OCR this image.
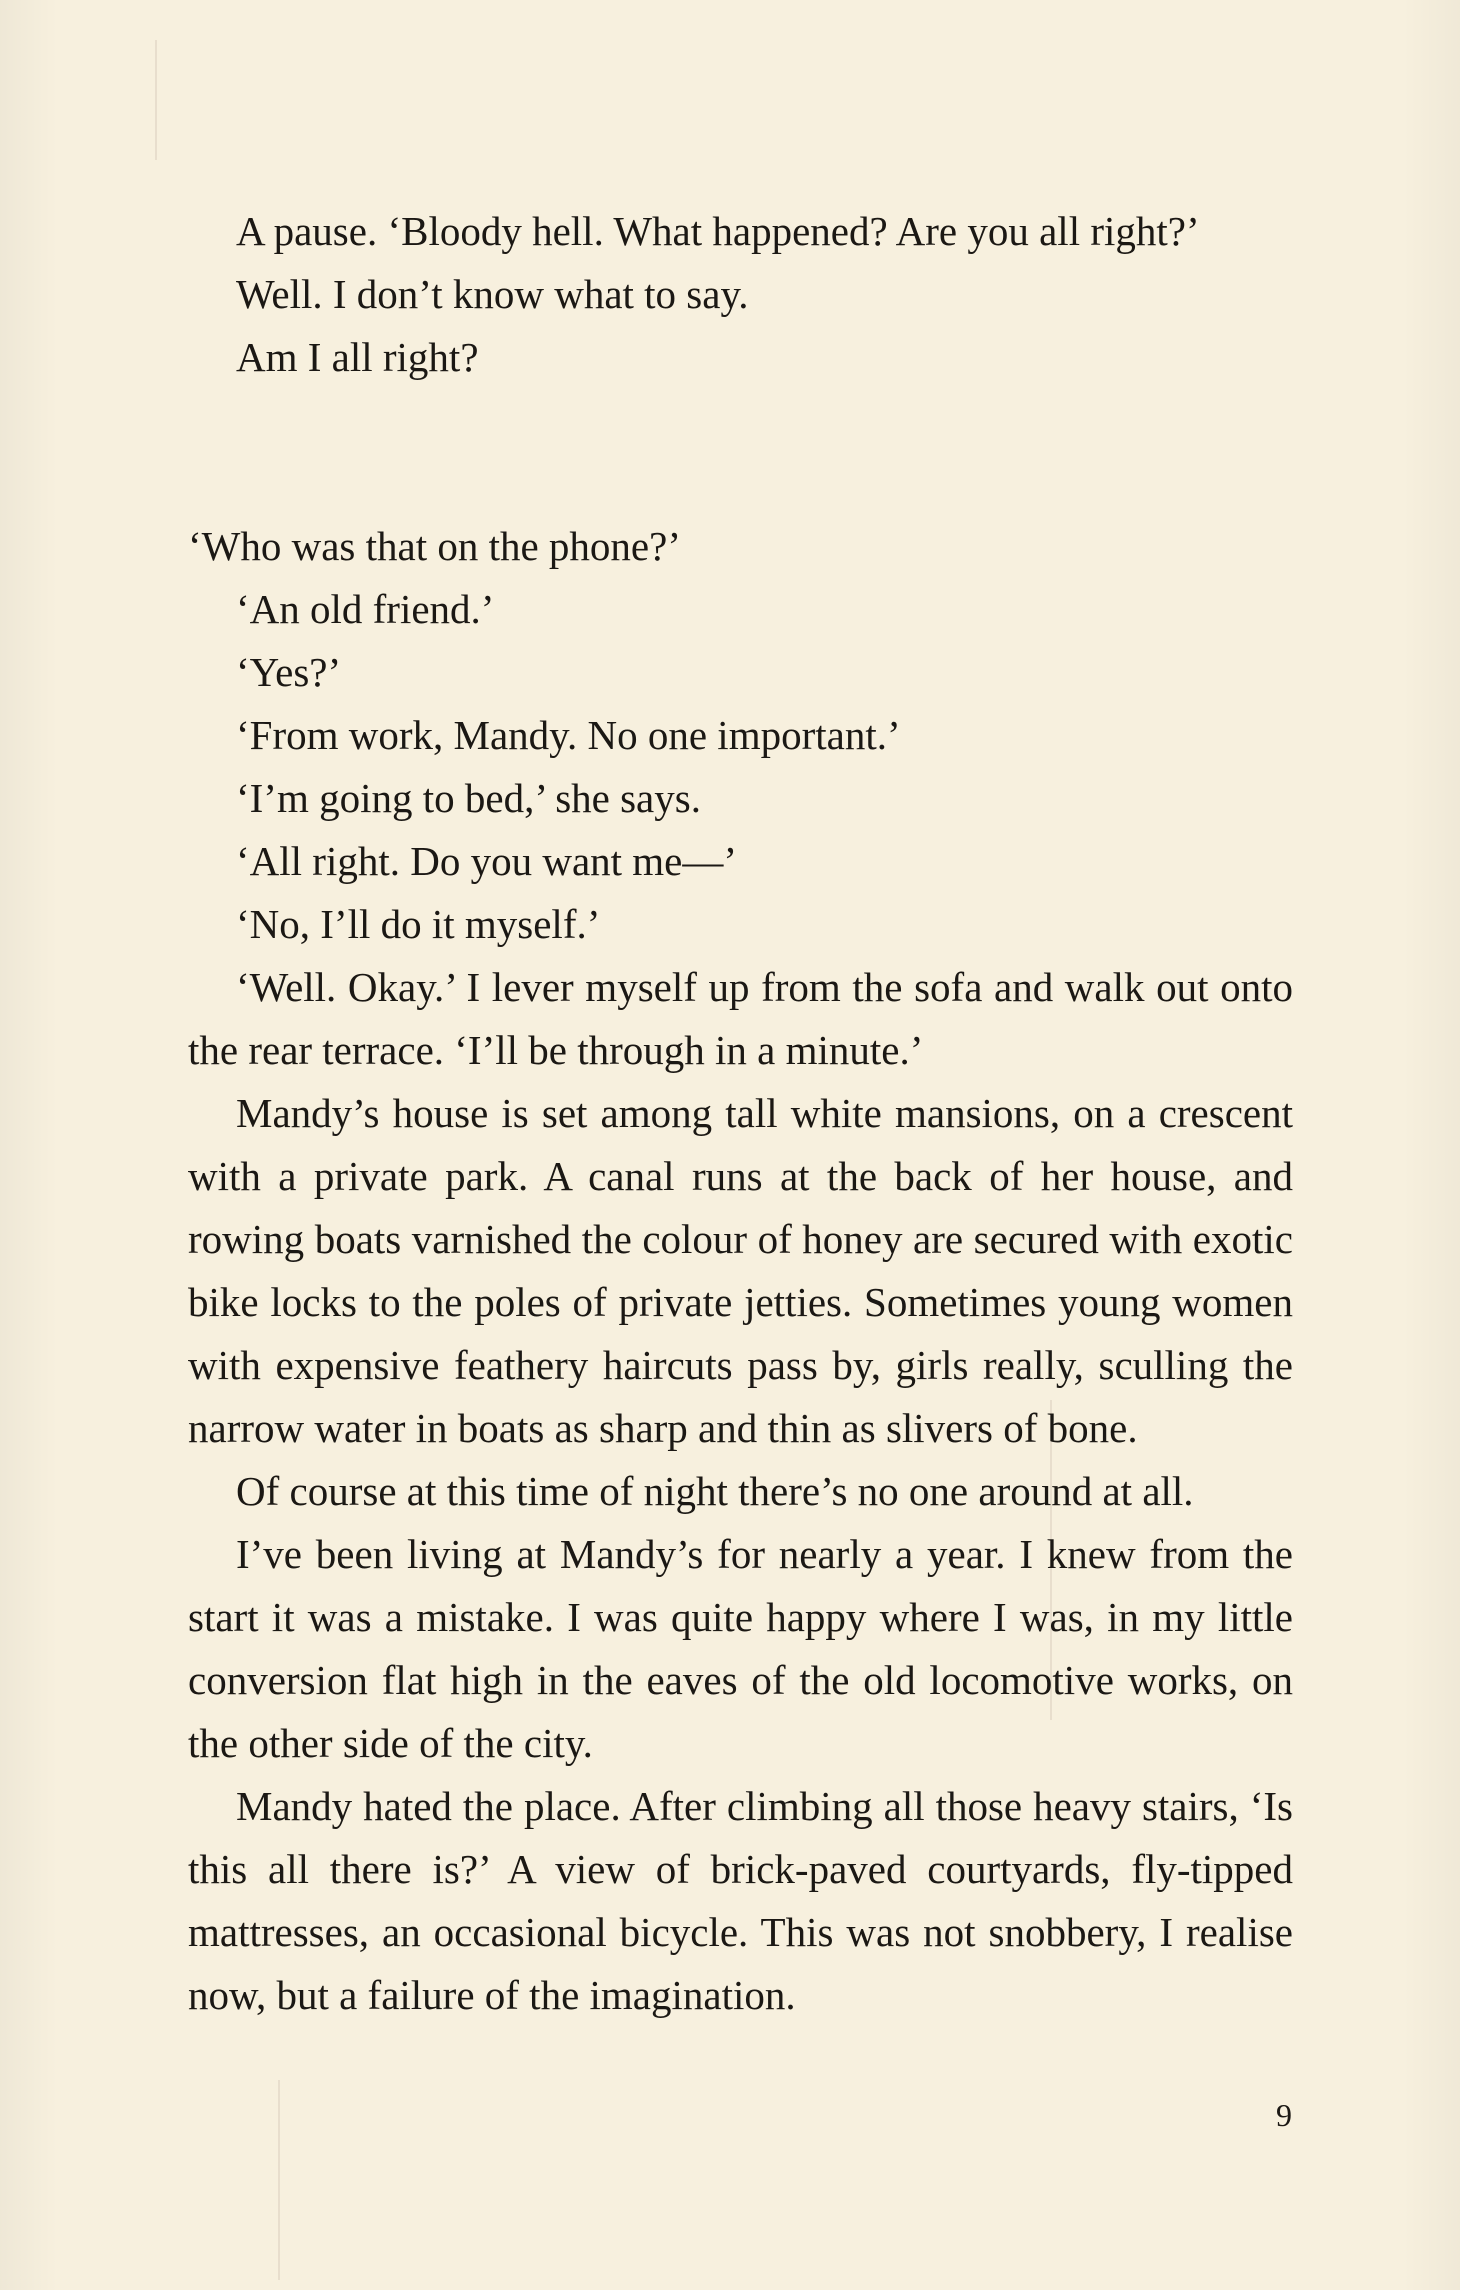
A pause. ‘Bloody hell. What happened? Are you all right?’

Well. I don’t know what to say.

Am I all right?

‘Who was that on the phone?’

‘An old friend.’

‘Yes?’

‘From work, Mandy. No one important.’

‘I’m going to bed,’ she says.

‘All right. Do you want me—’

‘No, I’ll do it myself.’

‘Well. Okay.’ I lever myself up from the sofa and walk out onto the rear terrace. ‘I’ll be through in a minute.’

Mandy’s house is set among tall white mansions, on a crescent with a private park. A canal runs at the back of her house, and rowing boats varnished the colour of honey are secured with exotic bike locks to the poles of private jetties. Sometimes young women with expensive feathery haircuts pass by, girls really, sculling the narrow water in boats as sharp and thin as slivers of bone.

Of course at this time of night there’s no one around at all.

I’ve been living at Mandy’s for nearly a year. I knew from the start it was a mistake. I was quite happy where I was, in my little conversion flat high in the eaves of the old locomotive works, on the other side of the city.

Mandy hated the place. After climbing all those heavy stairs, ‘Is this all there is?’ A view of brick-paved courtyards, fly-tipped mattresses, an occasional bicycle. This was not snobbery, I realise now, but a failure of the imagination.

9
